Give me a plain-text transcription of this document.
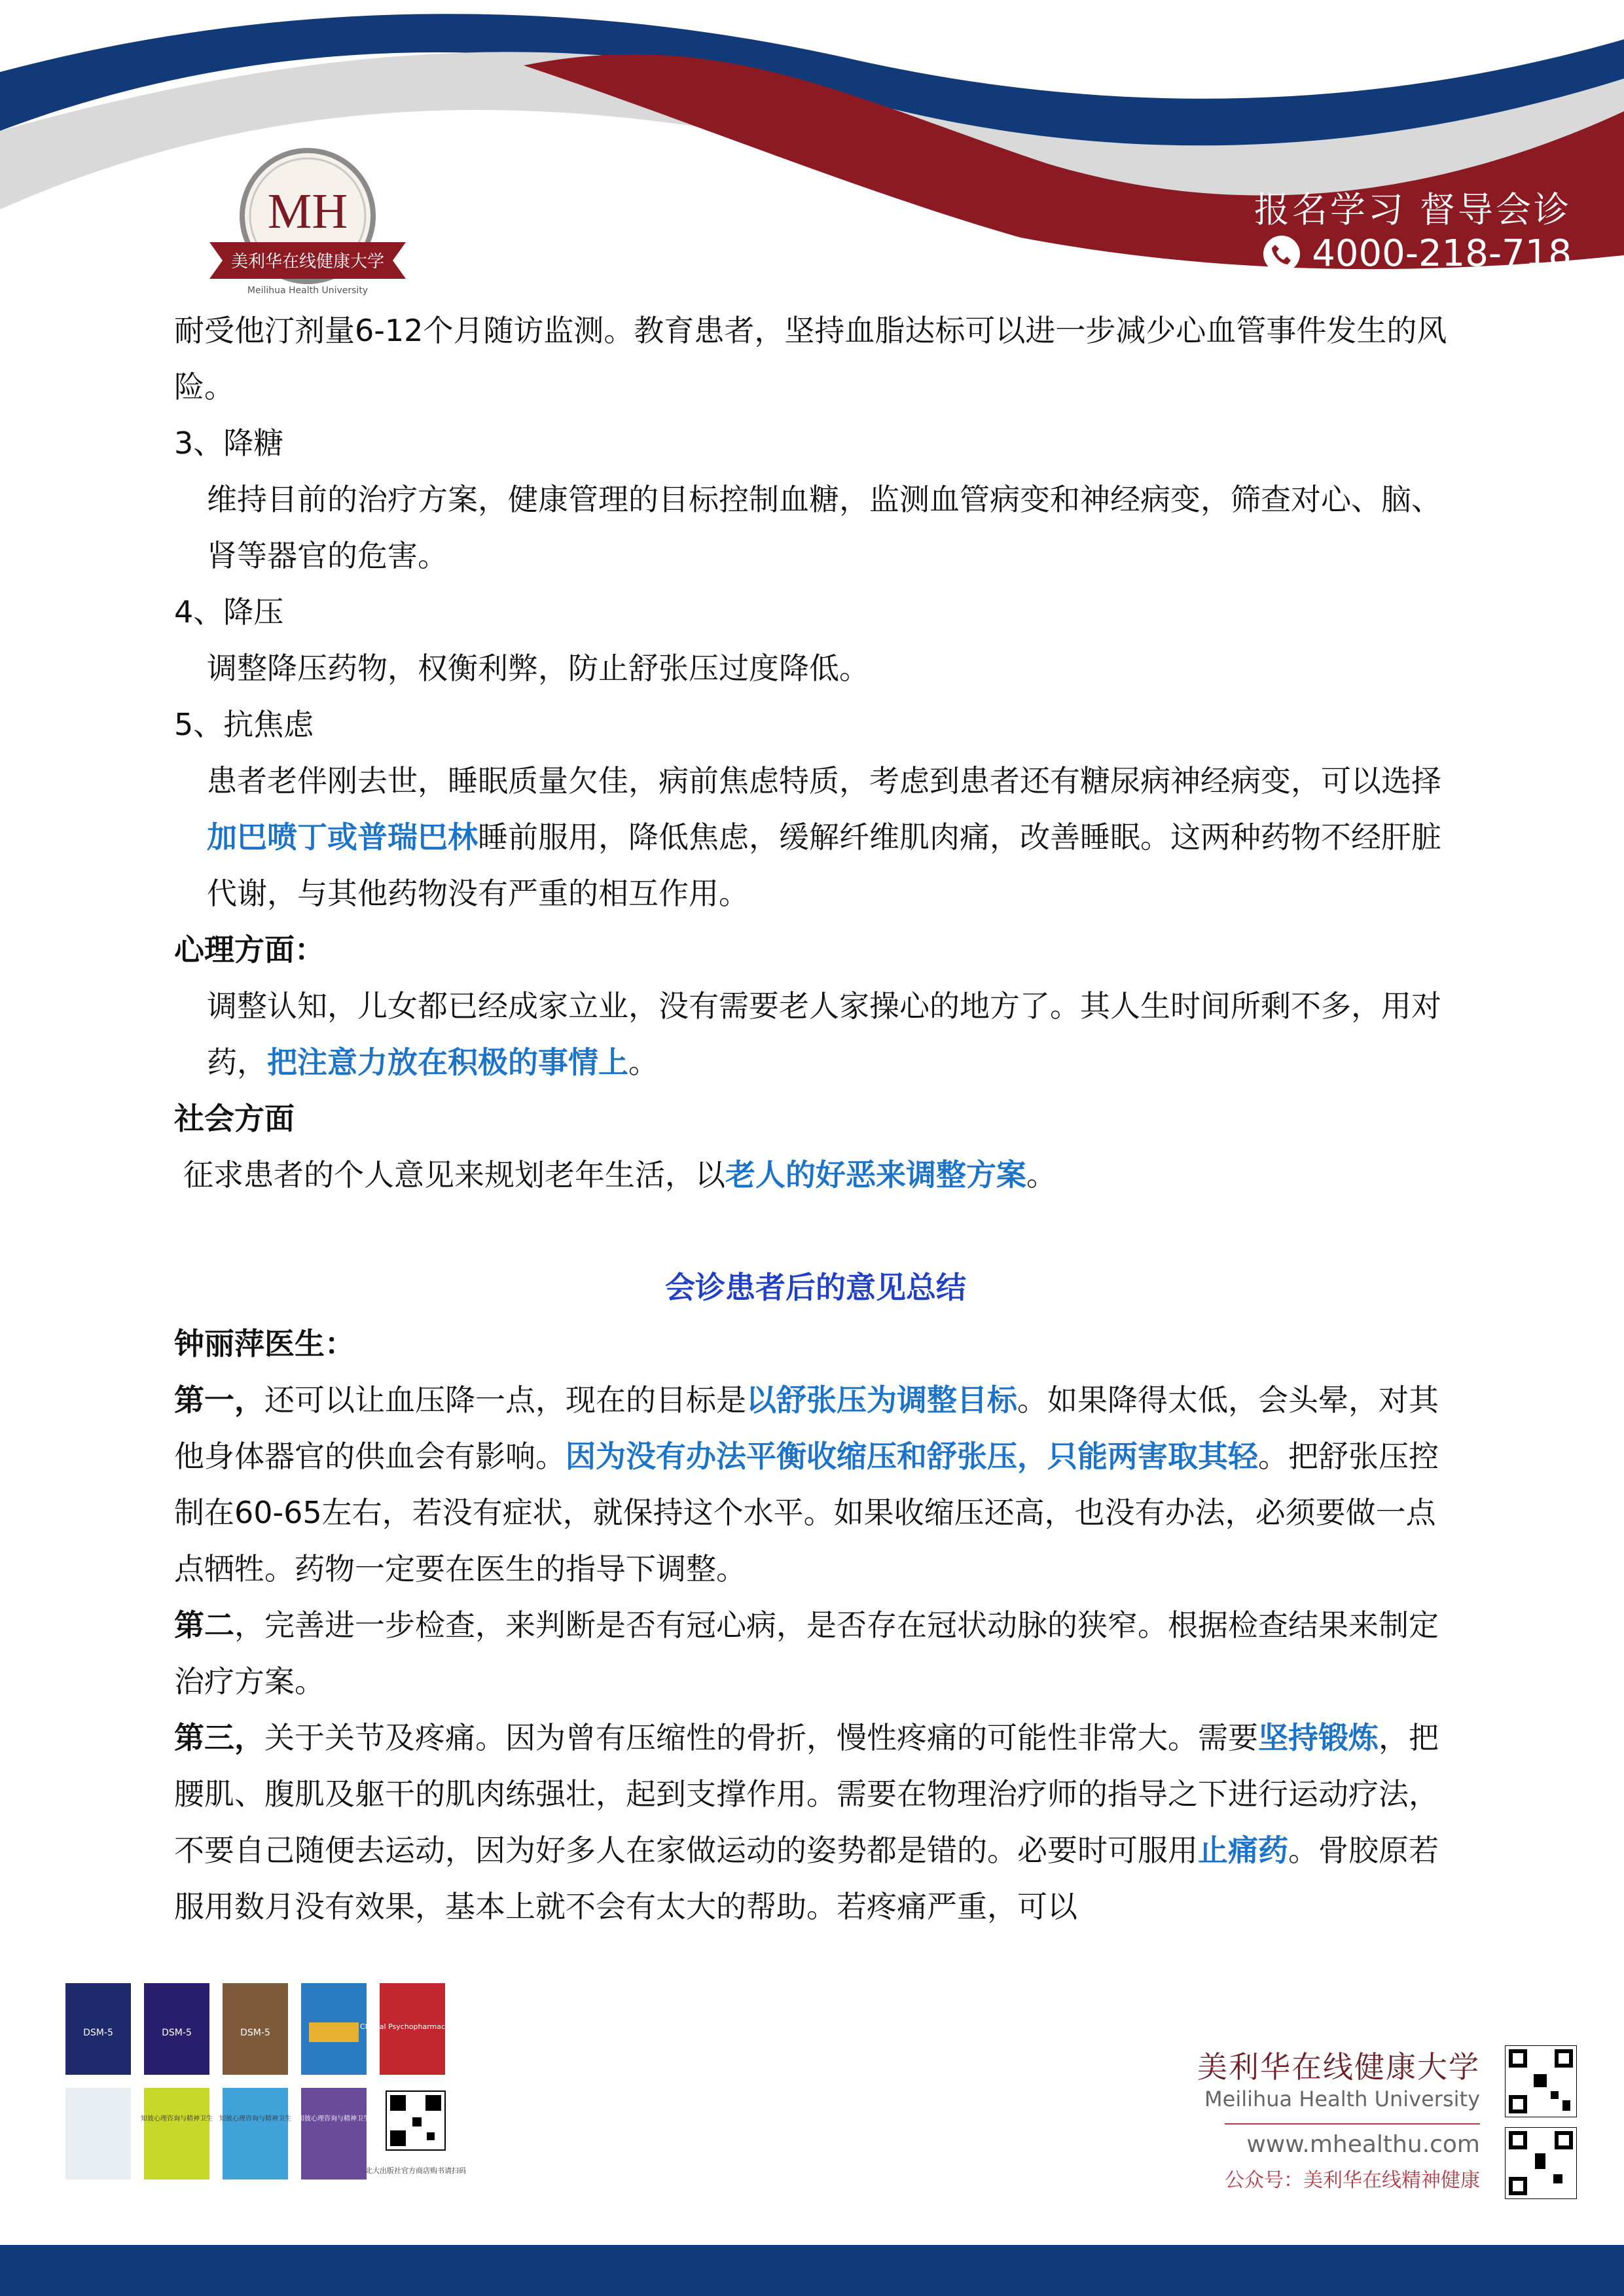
MH
美利华在线健康大学
Meilihua Health University
报名学习 督导会诊
4000-218-718

耐受他汀剂量6-12个月随访监测。教育患者，坚持血脂达标可以进一步减少心血管事件发生的风险。

3、降糖

维持目前的治疗方案，健康管理的目标控制血糖，监测血管病变和神经病变，筛查对心、脑、肾等器官的危害。

4、降压

调整降压药物，权衡利弊，防止舒张压过度降低。

5、抗焦虑

患者老伴刚去世，睡眠质量欠佳，病前焦虑特质，考虑到患者还有糖尿病神经病变，可以选择加巴喷丁或普瑞巴林睡前服用，降低焦虑，缓解纤维肌肉痛，改善睡眠。这两种药物不经肝脏代谢，与其他药物没有严重的相互作用。

心理方面：

调整认知，儿女都已经成家立业，没有需要老人家操心的地方了。其人生时间所剩不多，用对药，把注意力放在积极的事情上。

社会方面

征求患者的个人意见来规划老年生活，以老人的好恶来调整方案。

会诊患者后的意见总结

钟丽萍医生：

第一，还可以让血压降一点，现在的目标是以舒张压为调整目标。如果降得太低，会头晕，对其他身体器官的供血会有影响。因为没有办法平衡收缩压和舒张压，只能两害取其轻。把舒张压控制在60-65左右，若没有症状，就保持这个水平。如果收缩压还高，也没有办法，必须要做一点点牺牲。药物一定要在医生的指导下调整。

第二，完善进一步检查，来判断是否有冠心病，是否存在冠状动脉的狭窄。根据检查结果来制定治疗方案。

第三，关于关节及疼痛。因为曾有压缩性的骨折，慢性疼痛的可能性非常大。需要坚持锻炼，把腰肌、腹肌及躯干的肌肉练强壮，起到支撑作用。需要在物理治疗师的指导之下进行运动疗法，不要自己随便去运动，因为好多人在家做运动的姿势都是错的。必要时可服用止痛药。骨胶原若服用数月没有效果，基本上就不会有太大的帮助。若疼痛严重，可以

DSM-5	DSM-5	DSM-5
Clinical Psychopharmacology
知彼心理咨询与精神卫生 知彼心理咨询与精神卫生 知彼心理咨询与精神卫生
北大出版社官方商店购书请扫码
美利华在线健康大学
Meilihua Health University
www.mhealthu.com
公众号：美利华在线精神健康
